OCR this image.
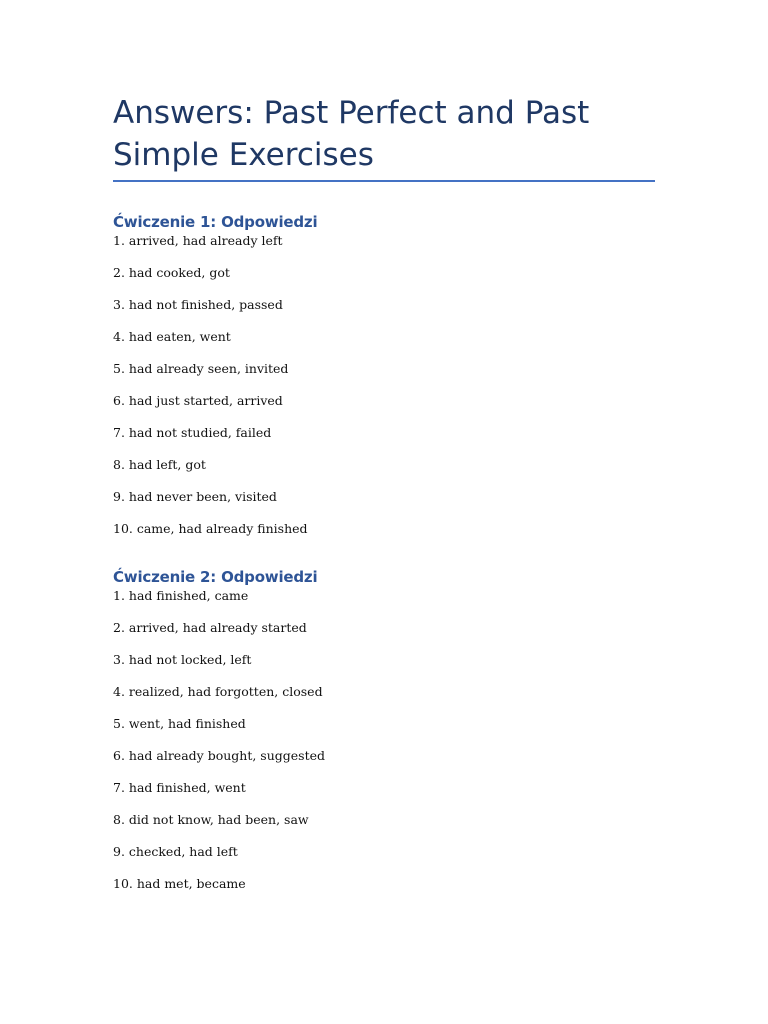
Answers: Past Perfect and Past Simple Exercises
Ćwiczenie 1: Odpowiedzi
1. arrived, had already left
2. had cooked, got
3. had not finished, passed
4. had eaten, went
5. had already seen, invited
6. had just started, arrived
7. had not studied, failed
8. had left, got
9. had never been, visited
10. came, had already finished
Ćwiczenie 2: Odpowiedzi
1. had finished, came
2. arrived, had already started
3. had not locked, left
4. realized, had forgotten, closed
5. went, had finished
6. had already bought, suggested
7. had finished, went
8. did not know, had been, saw
9. checked, had left
10. had met, became
